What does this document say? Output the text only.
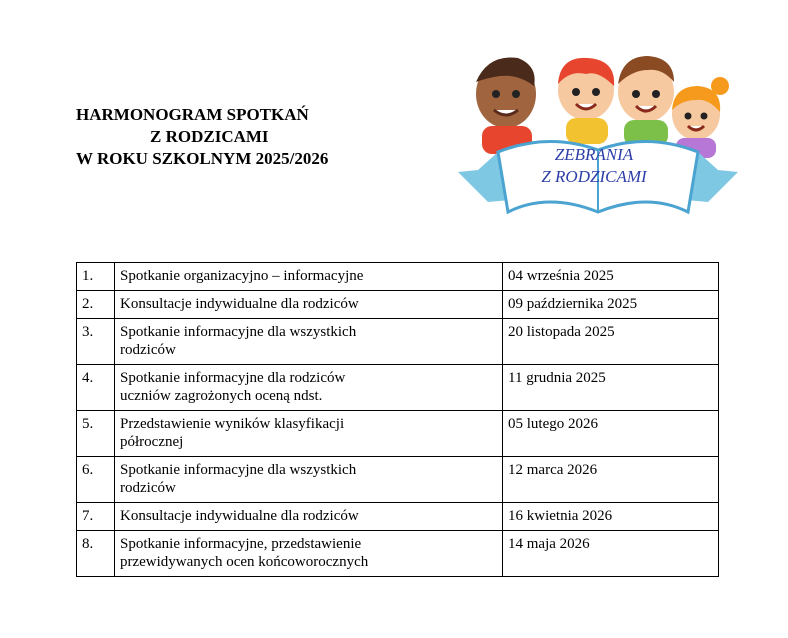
HARMONOGRAM SPOTKAŃ
Z RODZICAMI
W ROKU SZKOLNYM 2025/2026	ZEBRANIA
Z RODZICAMI
1.	Spotkanie organizacyjno – informacyjne	04 września 2025
2.	Konsultacje indywidualne dla rodziców	09 października 2025
3.	Spotkanie informacyjne dla wszystkich rodziców	20 listopada 2025
4.	Spotkanie informacyjne dla rodziców uczniów zagrożonych oceną ndst.	11 grudnia 2025
5.	Przedstawienie wyników klasyfikacji półrocznej	05 lutego 2026
6.	Spotkanie informacyjne dla wszystkich rodziców	12 marca 2026
7.	Konsultacje indywidualne dla rodziców	16 kwietnia 2026
8.	Spotkanie informacyjne, przedstawienie przewidywanych ocen końcoworocznych	14 maja 2026
